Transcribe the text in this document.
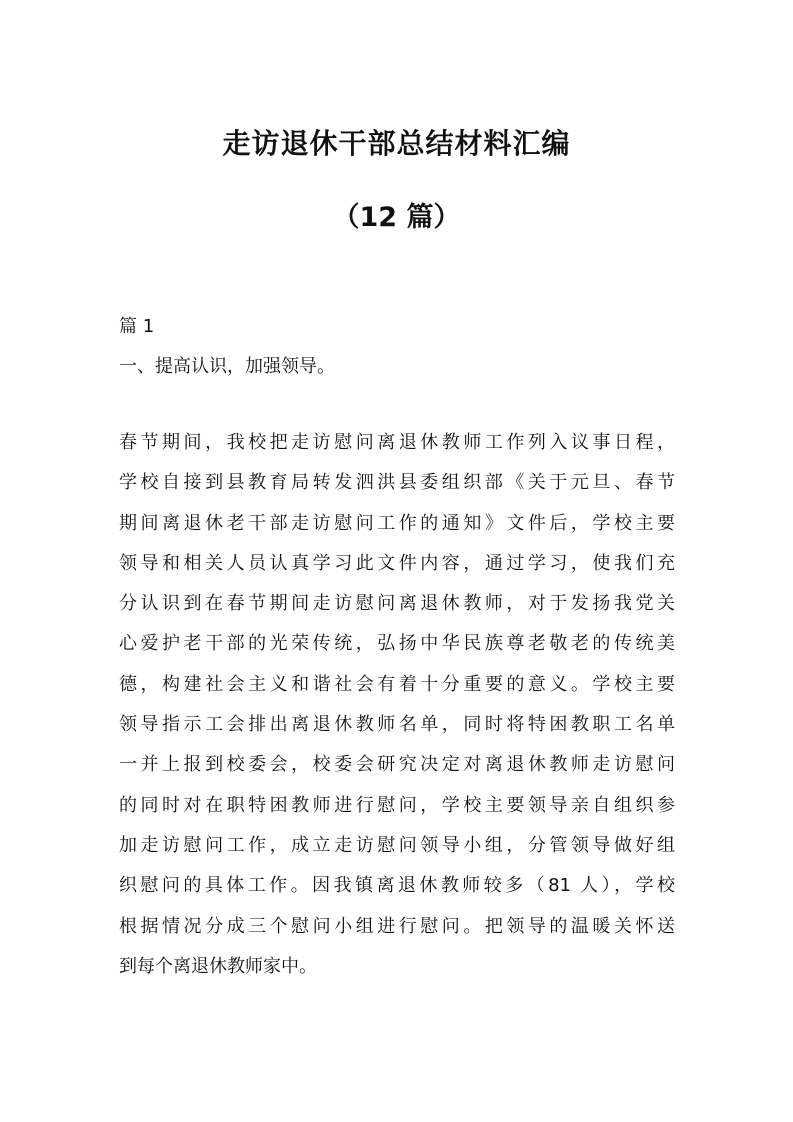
走访退休干部总结材料汇编
（12 篇）
篇 1
一、提高认识，加强领导。
春节期间，我校把走访慰问离退休教师工作列入议事日程，
学校自接到县教育局转发泗洪县委组织部《关于元旦、春节
期间离退休老干部走访慰问工作的通知》文件后，学校主要
领导和相关人员认真学习此文件内容，通过学习，使我们充
分认识到在春节期间走访慰问离退休教师，对于发扬我党关
心爱护老干部的光荣传统，弘扬中华民族尊老敬老的传统美
德，构建社会主义和谐社会有着十分重要的意义。学校主要
领导指示工会排出离退休教师名单，同时将特困教职工名单
一并上报到校委会，校委会研究决定对离退休教师走访慰问
的同时对在职特困教师进行慰问，学校主要领导亲自组织参
加走访慰问工作，成立走访慰问领导小组，分管领导做好组
织慰问的具体工作。因我镇离退休教师较多（81 人），学校
根据情况分成三个慰问小组进行慰问。把领导的温暖关怀送
到每个离退休教师家中。
